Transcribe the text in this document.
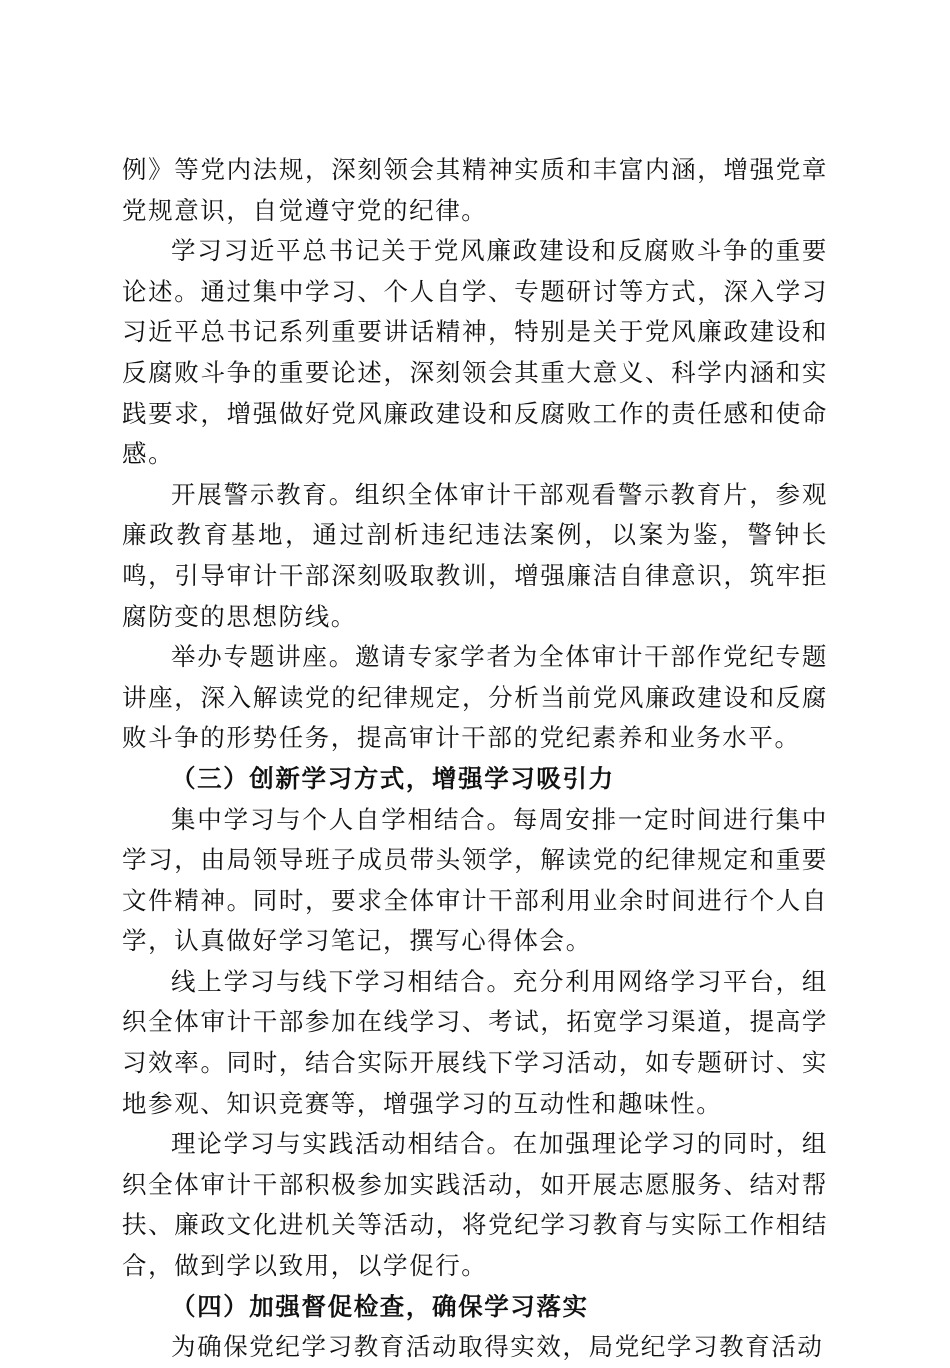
例》等党内法规，深刻领会其精神实质和丰富内涵，增强党章党规意识，自觉遵守党的纪律。

学习习近平总书记关于党风廉政建设和反腐败斗争的重要论述。通过集中学习、个人自学、专题研讨等方式，深入学习习近平总书记系列重要讲话精神，特别是关于党风廉政建设和反腐败斗争的重要论述，深刻领会其重大意义、科学内涵和实践要求，增强做好党风廉政建设和反腐败工作的责任感和使命感。

开展警示教育。组织全体审计干部观看警示教育片，参观廉政教育基地，通过剖析违纪违法案例，以案为鉴，警钟长鸣，引导审计干部深刻吸取教训，增强廉洁自律意识，筑牢拒腐防变的思想防线。

举办专题讲座。邀请专家学者为全体审计干部作党纪专题讲座，深入解读党的纪律规定，分析当前党风廉政建设和反腐败斗争的形势任务，提高审计干部的党纪素养和业务水平。

（三）创新学习方式，增强学习吸引力

集中学习与个人自学相结合。每周安排一定时间进行集中学习，由局领导班子成员带头领学，解读党的纪律规定和重要文件精神。同时，要求全体审计干部利用业余时间进行个人自学，认真做好学习笔记，撰写心得体会。

线上学习与线下学习相结合。充分利用网络学习平台，组织全体审计干部参加在线学习、考试，拓宽学习渠道，提高学习效率。同时，结合实际开展线下学习活动，如专题研讨、实地参观、知识竞赛等，增强学习的互动性和趣味性。

理论学习与实践活动相结合。在加强理论学习的同时，组织全体审计干部积极参加实践活动，如开展志愿服务、结对帮扶、廉政文化进机关等活动，将党纪学习教育与实际工作相结合，做到学以致用，以学促行。

（四）加强督促检查，确保学习落实

为确保党纪学习教育活动取得实效，局党纪学习教育活动
